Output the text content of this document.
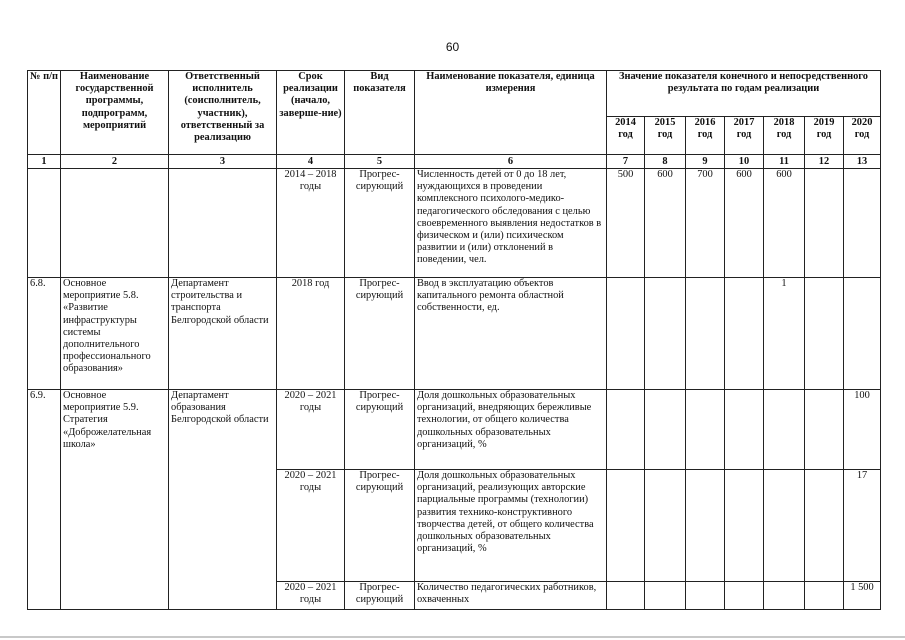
60
№ п/п	Наименование государственной программы, подпрограмм, мероприятий	Ответственный исполнитель (соисполнитель, участник), ответственный за реализацию	Срок реализации (начало, заверше-ние)	Вид показателя	Наименование показателя, единица измерения	Значение показателя конечного и непосредственного результата по годам реализации						
						2014 год	2015 год	2016 год	2017 год	2018 год	2019 год	2020 год
1	2	3	4	5	6	7	8	9	10	11	12	13
			2014 – 2018 годы	Прогрес-сирующий	Численность детей от 0 до 18 лет, нуждающихся в проведении комплексного психолого-медико-педагогического обследования с целью своевременного выявления недостатков в физическом и (или) психическом развитии и (или) отклонений в поведении, чел.	500	600	700	600	600		
6.8.	Основное мероприятие 5.8. «Развитие инфраструктуры системы дополнительного профессионального образования»	Департамент строительства и транспорта Белгородской области	2018 год	Прогрес-сирующий	Ввод в эксплуатацию объектов капитального ремонта областной собственности, ед.					1		
6.9.	Основное мероприятие 5.9. Стратегия «Доброжелательная школа»	Департамент образования Белгородской области	2020 – 2021 годы	Прогрес-сирующий	Доля дошкольных образовательных организаций, внедряющих бережливые технологии, от общего количества дошкольных образовательных организаций, %							100
			2020 – 2021 годы	Прогрес-сирующий	Доля дошкольных образовательных организаций, реализующих авторские парциальные программы (технологии) развития технико-конструктивного творчества детей, от общего количества дошкольных образовательных организаций, %							17
			2020 – 2021 годы	Прогрес-сирующий	Количество педагогических работников, охваченных							1 500
